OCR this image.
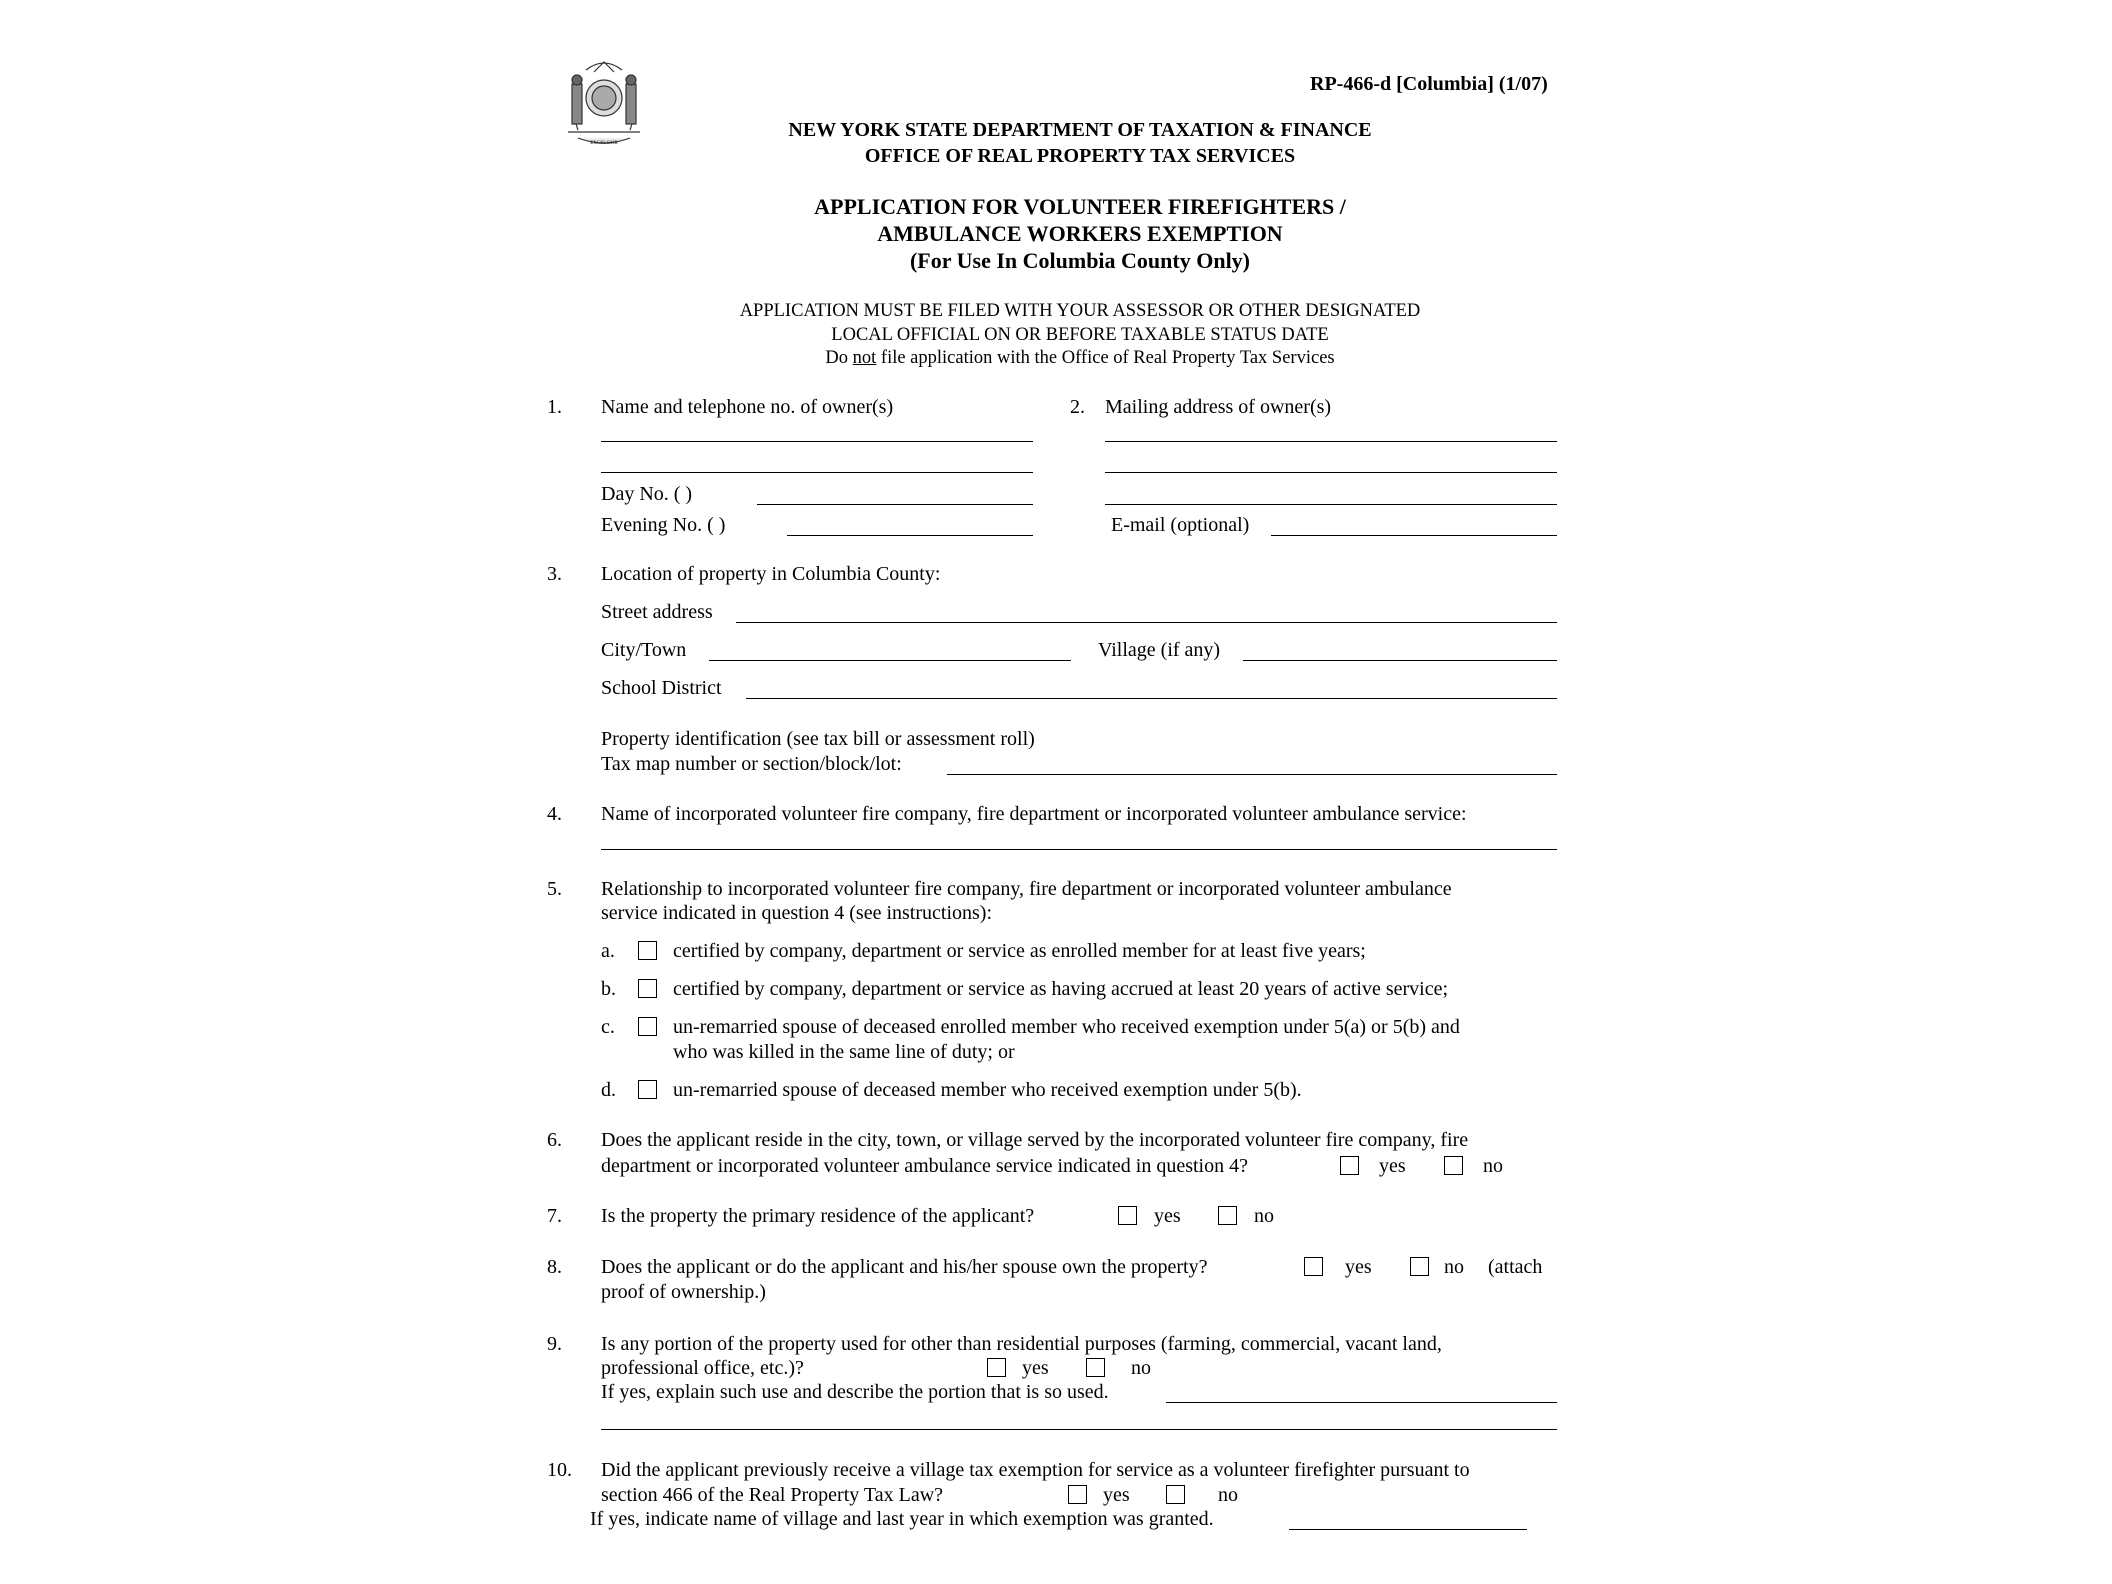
EXCELSIOR
RP-466-d [Columbia] (1/07)
NEW YORK STATE DEPARTMENT OF TAXATION & FINANCE
OFFICE OF REAL PROPERTY TAX SERVICES
APPLICATION FOR VOLUNTEER FIREFIGHTERS /
AMBULANCE WORKERS EXEMPTION
(For Use In Columbia County Only)
APPLICATION MUST BE FILED WITH YOUR ASSESSOR OR OTHER DESIGNATED
LOCAL OFFICIAL ON OR BEFORE TAXABLE STATUS DATE
Do not file application with the Office of Real Property Tax Services
1. Name and telephone no. of owner(s)
Day No. ( )
Evening No. ( )
2. Mailing address of owner(s)
E-mail (optional)
3. Location of property in Columbia County:
Street address
City/Town	Village (if any)
School District
Property identification (see tax bill or assessment roll)
Tax map number or section/block/lot:
4. Name of incorporated volunteer fire company, fire department or incorporated volunteer ambulance service:
5. Relationship to incorporated volunteer fire company, fire department or incorporated volunteer ambulance
service indicated in question 4 (see instructions):
a.	certified by company, department or service as enrolled member for at least five years;
b.	certified by company, department or service as having accrued at least 20 years of active service;
c.	un-remarried spouse of deceased enrolled member who received exemption under 5(a) or 5(b) and
who was killed in the same line of duty; or
d.	un-remarried spouse of deceased member who received exemption under 5(b).
6. Does the applicant reside in the city, town, or village served by the incorporated volunteer fire company, fire
department or incorporated volunteer ambulance service indicated in question 4?	yes	no
7. Is the property the primary residence of the applicant?	yes	no
8. Does the applicant or do the applicant and his/her spouse own the property?	yes	no (attach
proof of ownership.)
9. Is any portion of the property used for other than residential purposes (farming, commercial, vacant land,
professional office, etc.)?	yes	no
If yes, explain such use and describe the portion that is so used.
10. Did the applicant previously receive a village tax exemption for service as a volunteer firefighter pursuant to
section 466 of the Real Property Tax Law?	yes	no
If yes, indicate name of village and last year in which exemption was granted.
